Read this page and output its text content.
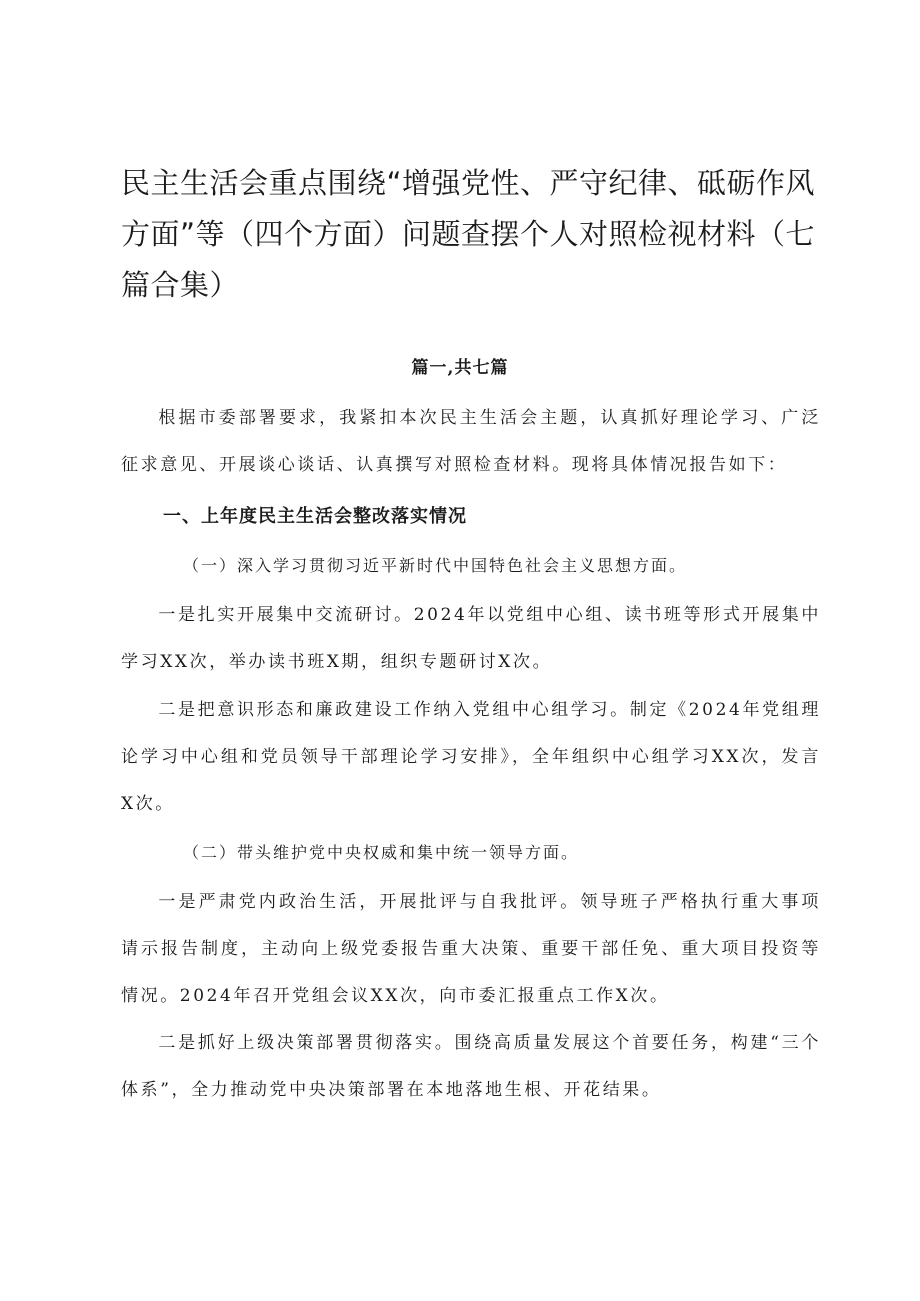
民主生活会重点围绕“增强党性、严守纪律、砥砺作风方面”等（四个方面）问题查摆个人对照检视材料（七篇合集）
篇一,共七篇

根据市委部署要求，我紧扣本次民主生活会主题，认真抓好理论学习、广泛征求意见、开展谈心谈话、认真撰写对照检查材料。现将具体情况报告如下：

一、上年度民主生活会整改落实情况

（一）深入学习贯彻习近平新时代中国特色社会主义思想方面。

一是扎实开展集中交流研讨。2024年以党组中心组、读书班等形式开展集中学习XX次，举办读书班X期，组织专题研讨X次。

二是把意识形态和廉政建设工作纳入党组中心组学习。制定《2024年党组理论学习中心组和党员领导干部理论学习安排》，全年组织中心组学习XX次，发言X次。

（二）带头维护党中央权威和集中统一领导方面。

一是严肃党内政治生活，开展批评与自我批评。领导班子严格执行重大事项请示报告制度，主动向上级党委报告重大决策、重要干部任免、重大项目投资等情况。2024年召开党组会议XX次，向市委汇报重点工作X次。

二是抓好上级决策部署贯彻落实。围绕高质量发展这个首要任务，构建“三个体系”，全力推动党中央决策部署在本地落地生根、开花结果。
